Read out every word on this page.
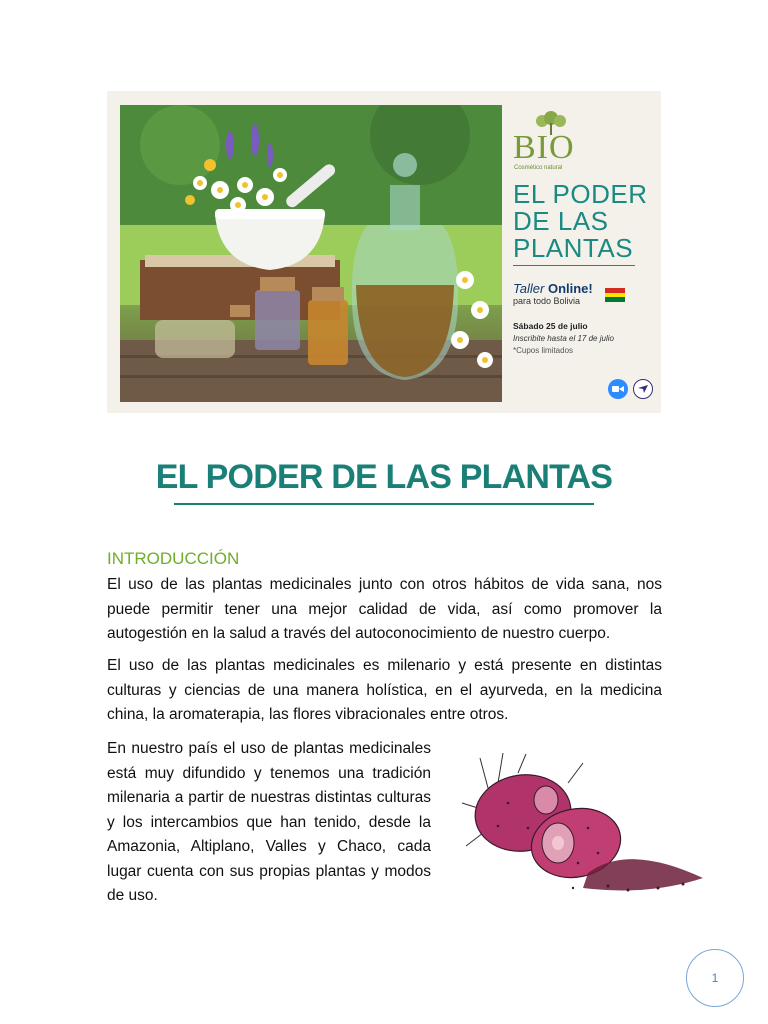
BIO
Cosmético natural
EL PODER DE LAS PLANTAS
Taller Online!
para todo Bolivia
Sábado 25 de julio
Inscribite hasta el 17 de julio
*Cupos limitados
EL PODER DE LAS PLANTAS
INTRODUCCIÓN
El uso de las plantas medicinales junto con otros hábitos de vida sana, nos puede permitir tener una mejor calidad de vida, así como promover la autogestión en la salud a través del autoconocimiento de nuestro cuerpo.
El uso de las plantas medicinales es milenario y está presente en distintas culturas y ciencias de una manera holística, en el ayurveda, en la medicina china, la aromaterapia, las flores vibracionales entre otros.
En nuestro país el uso de plantas medicinales está muy difundido y tenemos una tradición milenaria a partir de nuestras distintas culturas y los intercambios que han tenido, desde la Amazonia, Altiplano, Valles y Chaco, cada lugar cuenta con sus propias plantas y modos de uso.
1
